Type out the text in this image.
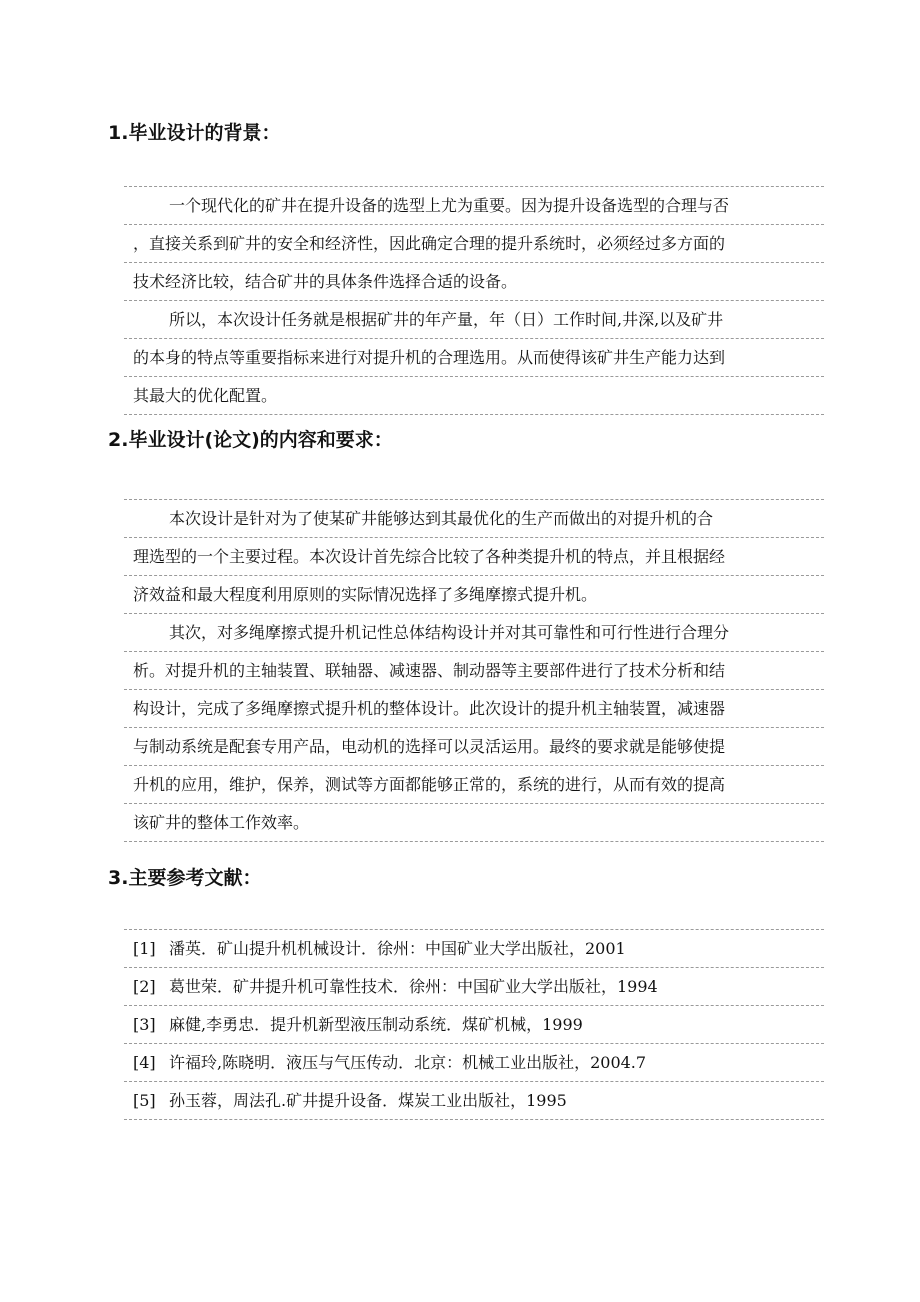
1.毕业设计的背景：
一个现代化的矿井在提升设备的选型上尤为重要。因为提升设备选型的合理与否
，直接关系到矿井的安全和经济性，因此确定合理的提升系统时，必须经过多方面的
技术经济比较，结合矿井的具体条件选择合适的设备。
所以，本次设计任务就是根据矿井的年产量，年（日）工作时间,井深,以及矿井
的本身的特点等重要指标来进行对提升机的合理选用。从而使得该矿井生产能力达到
其最大的优化配置。
2.毕业设计(论文)的内容和要求：
本次设计是针对为了使某矿井能够达到其最优化的生产而做出的对提升机的合
理选型的一个主要过程。本次设计首先综合比较了各种类提升机的特点，并且根据经
济效益和最大程度利用原则的实际情况选择了多绳摩擦式提升机。
其次，对多绳摩擦式提升机记性总体结构设计并对其可靠性和可行性进行合理分
析。对提升机的主轴装置、联轴器、减速器、制动器等主要部件进行了技术分析和结
构设计，完成了多绳摩擦式提升机的整体设计。此次设计的提升机主轴装置，减速器
与制动系统是配套专用产品，电动机的选择可以灵活运用。最终的要求就是能够使提
升机的应用，维护，保养，测试等方面都能够正常的，系统的进行，从而有效的提高
该矿井的整体工作效率。
3.主要参考文献：
[1] 潘英．矿山提升机机械设计．徐州：中国矿业大学出版社，2001
[2] 葛世荣．矿井提升机可靠性技术．徐州：中国矿业大学出版社，1994
[3] 麻健,李勇忠．提升机新型液压制动系统．煤矿机械，1999
[4] 许福玲,陈晓明．液压与气压传动．北京：机械工业出版社，2004.7
[5] 孙玉蓉，周法孔.矿井提升设备．煤炭工业出版社，1995
